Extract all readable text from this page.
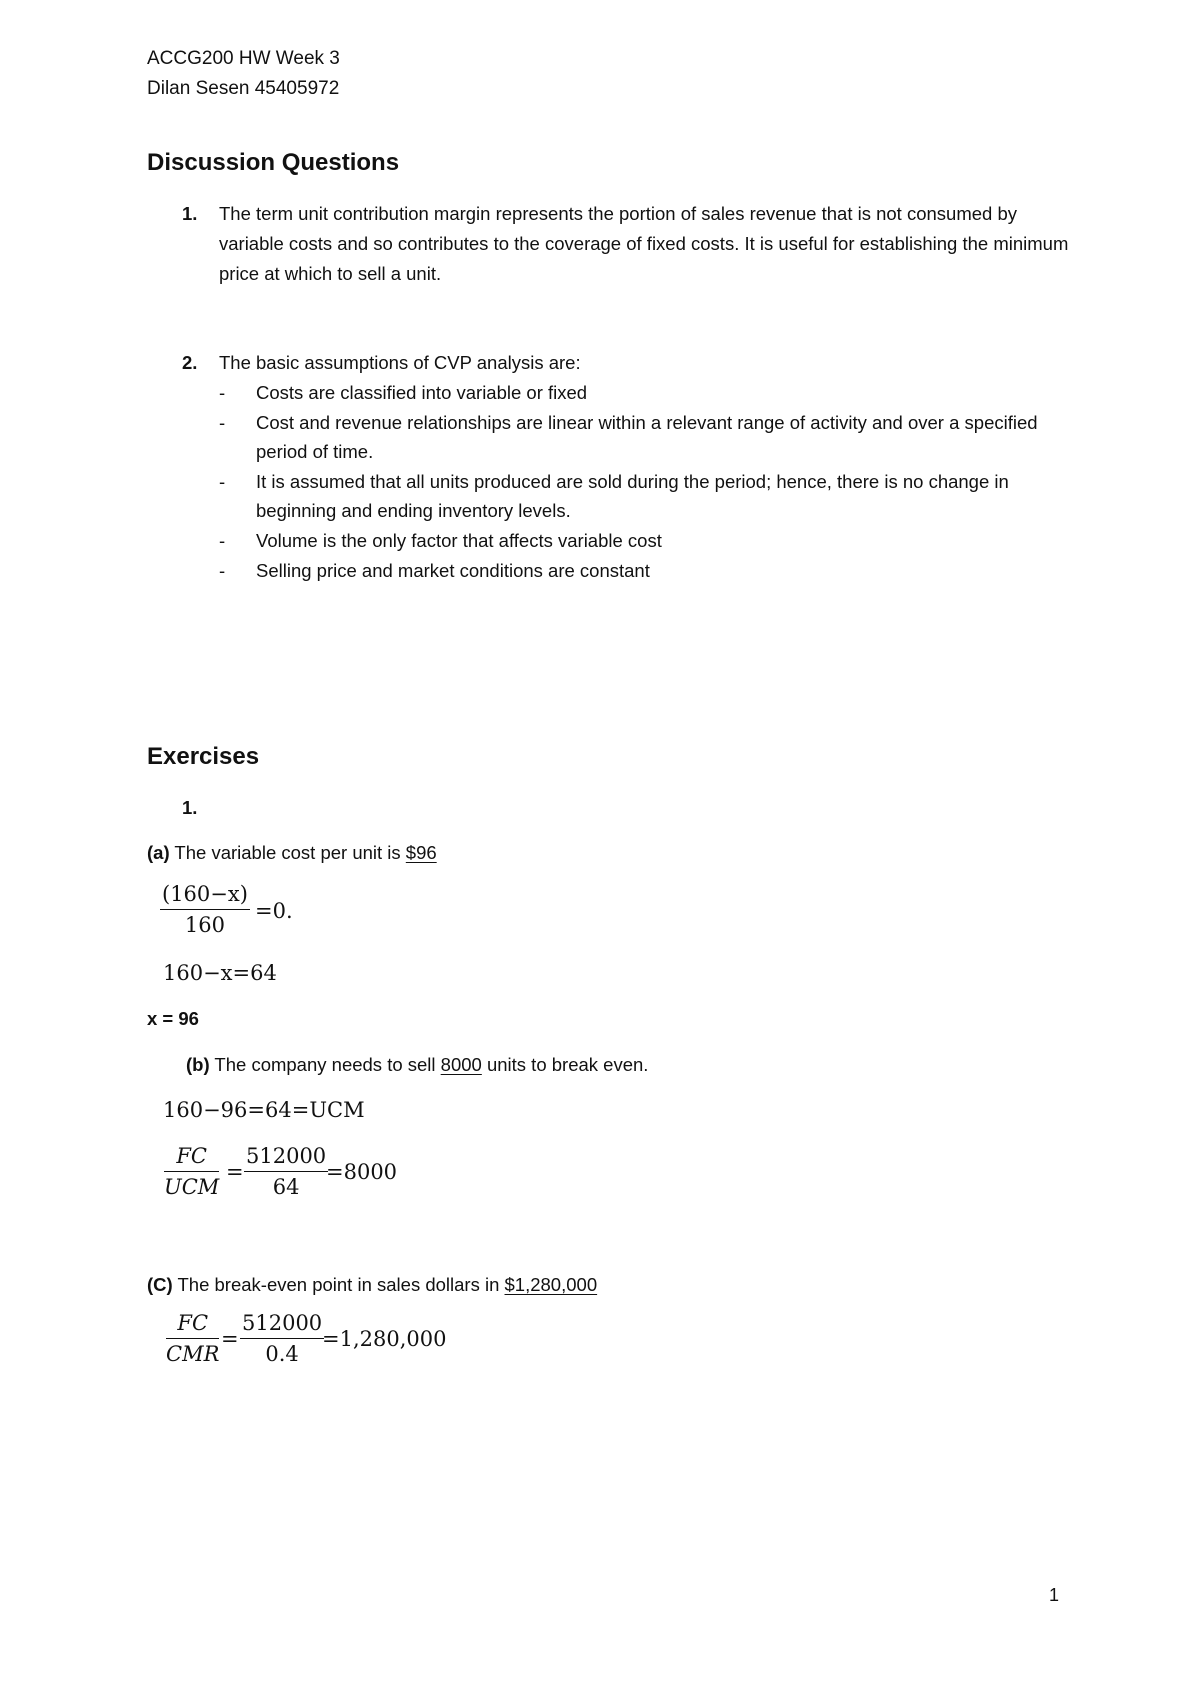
ACCG200 HW Week 3
Dilan Sesen 45405972
Discussion Questions
1. The term unit contribution margin represents the portion of sales revenue that is not consumed by variable costs and so contributes to the coverage of fixed costs. It is useful for establishing the minimum price at which to sell a unit.
2. The basic assumptions of CVP analysis are:
- Costs are classified into variable or fixed
- Cost and revenue relationships are linear within a relevant range of activity and over a specified period of time.
- It is assumed that all units produced are sold during the period; hence, there is no change in beginning and ending inventory levels.
- Volume is the only factor that affects variable cost
- Selling price and market conditions are constant
Exercises
1.
(a) The variable cost per unit is $96
(160−x)
160
=0.
160−x=64
x = 96
(b) The company needs to sell 8000 units to break even.
160−96=64=UCM
FC
UCM
=
512000
64
=8000
(C) The break-even point in sales dollars in $1,280,000
FC
CMR
=
512000
0.4
=1,280,000
1
